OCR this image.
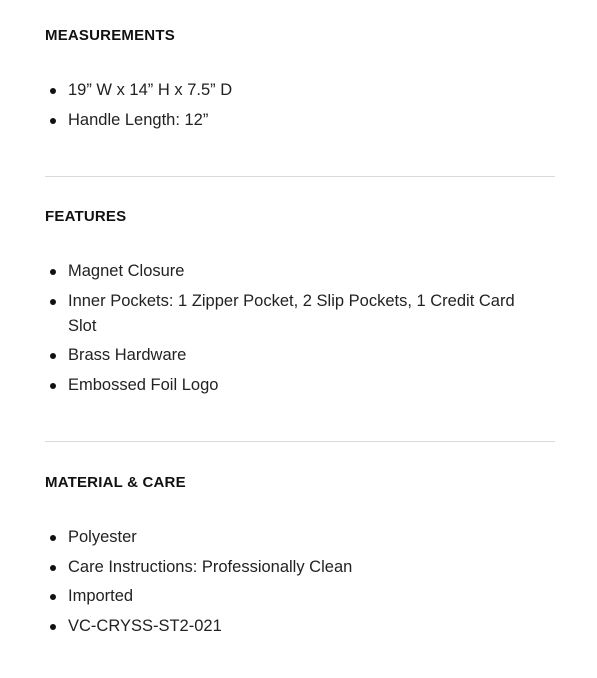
MEASUREMENTS
19” W x 14” H x 7.5” D
Handle Length: 12”
FEATURES
Magnet Closure
Inner Pockets: 1 Zipper Pocket, 2 Slip Pockets, 1 Credit Card Slot
Brass Hardware
Embossed Foil Logo
MATERIAL & CARE
Polyester
Care Instructions: Professionally Clean
Imported
VC-CRYSS-ST2-021
